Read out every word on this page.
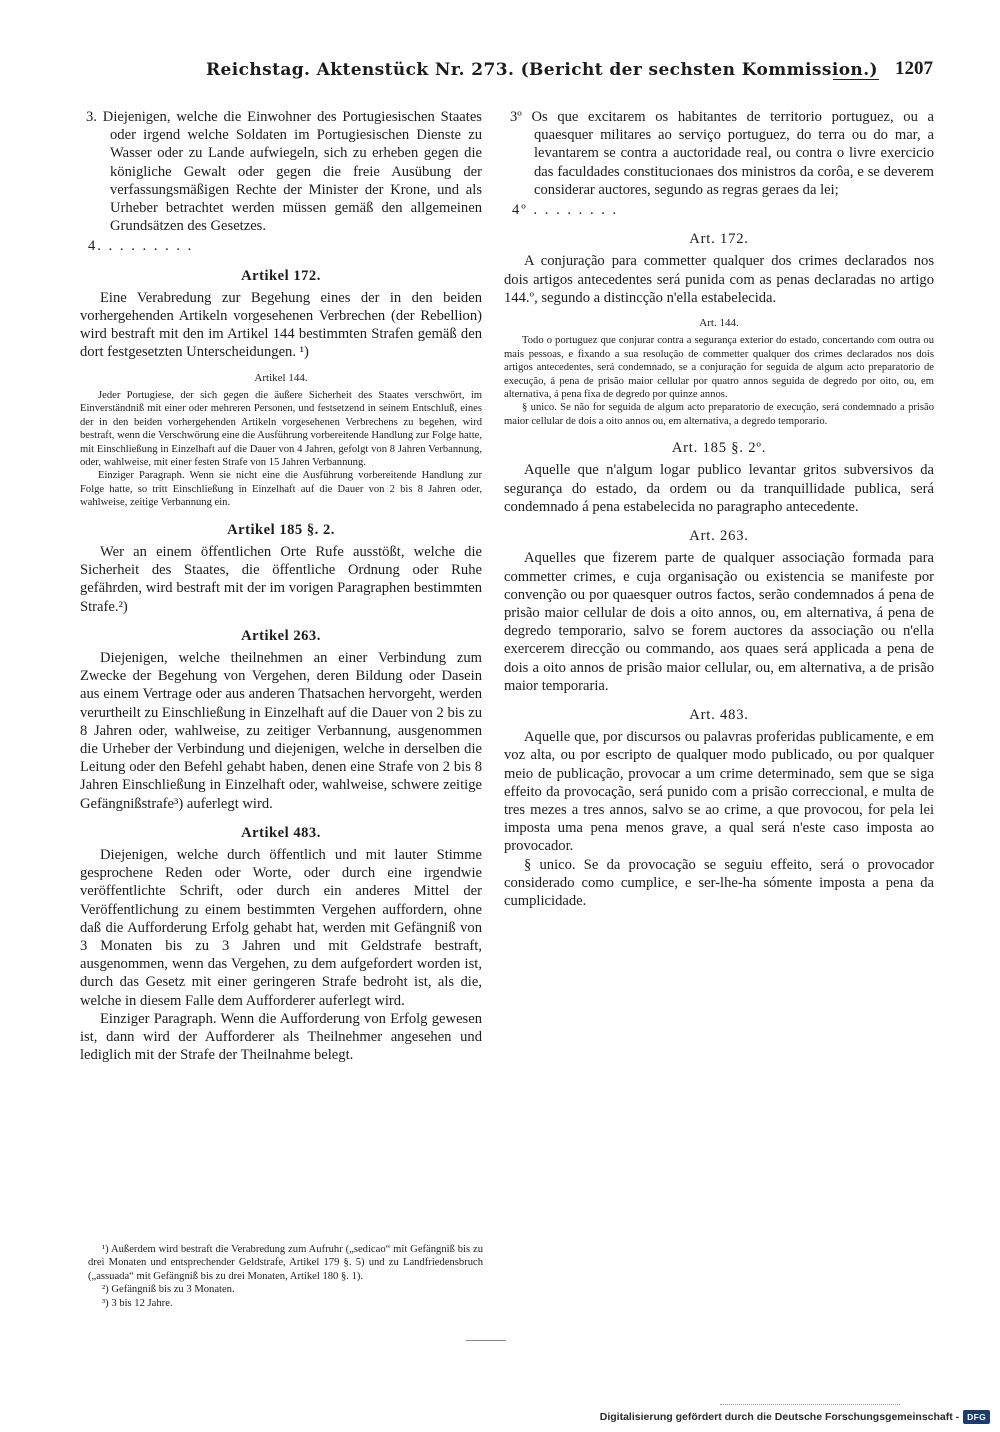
Reichstag. Aktenstück Nr. 273. (Bericht der sechsten Kommission.) 1207

3. Diejenigen, welche die Einwohner des Portugiesischen Staates oder irgend welche Soldaten im Portugiesischen Dienste zu Wasser oder zu Lande aufwiegeln, sich zu erheben gegen die königliche Gewalt oder gegen die freie Ausübung der verfassungsmäßigen Rechte der Minister der Krone, und als Urheber betrachtet werden müssen gemäß den allgemeinen Grundsätzen des Gesetzes.

4. . . . . . . . .

Artikel 172.

Eine Verabredung zur Begehung eines der in den beiden vorhergehenden Artikeln vorgesehenen Verbrechen (der Rebellion) wird bestraft mit den im Artikel 144 bestimmten Strafen gemäß den dort festgesetzten Unterscheidungen. ¹)

Artikel 144.

Jeder Portugiese, der sich gegen die äußere Sicherheit des Staates verschwört, im Einverständniß mit einer oder mehreren Personen, und festsetzend in seinem Entschluß, eines der in den beiden vorhergehenden Artikeln vorgesehenen Verbrechens zu begehen, wird bestraft, wenn die Verschwörung eine die Ausführung vorbereitende Handlung zur Folge hatte, mit Einschließung in Einzelhaft auf die Dauer von 4 Jahren, gefolgt von 8 Jahren Verbannung, oder, wahlweise, mit einer festen Strafe von 15 Jahren Verbannung.

Einziger Paragraph. Wenn sie nicht eine die Ausführung vorbereitende Handlung zur Folge hatte, so tritt Einschließung in Einzelhaft auf die Dauer von 2 bis 8 Jahren oder, wahlweise, zeitige Verbannung ein.

Artikel 185 §. 2.

Wer an einem öffentlichen Orte Rufe ausstößt, welche die Sicherheit des Staates, die öffentliche Ordnung oder Ruhe gefährden, wird bestraft mit der im vorigen Paragraphen bestimmten Strafe.²)

Artikel 263.

Diejenigen, welche theilnehmen an einer Verbindung zum Zwecke der Begehung von Vergehen, deren Bildung oder Dasein aus einem Vertrage oder aus anderen Thatsachen hervorgeht, werden verurtheilt zu Einschließung in Einzelhaft auf die Dauer von 2 bis zu 8 Jahren oder, wahlweise, zu zeitiger Verbannung, ausgenommen die Urheber der Verbindung und diejenigen, welche in derselben die Leitung oder den Befehl gehabt haben, denen eine Strafe von 2 bis 8 Jahren Einschließung in Einzelhaft oder, wahlweise, schwere zeitige Gefängnißstrafe³) auferlegt wird.

Artikel 483.

Diejenigen, welche durch öffentlich und mit lauter Stimme gesprochene Reden oder Worte, oder durch eine irgendwie veröffentlichte Schrift, oder durch ein anderes Mittel der Veröffentlichung zu einem bestimmten Vergehen auffordern, ohne daß die Aufforderung Erfolg gehabt hat, werden mit Gefängniß von 3 Monaten bis zu 3 Jahren und mit Geldstrafe bestraft, ausgenommen, wenn das Vergehen, zu dem aufgefordert worden ist, durch das Gesetz mit einer geringeren Strafe bedroht ist, als die, welche in diesem Falle dem Aufforderer auferlegt wird.

Einziger Paragraph. Wenn die Aufforderung von Erfolg gewesen ist, dann wird der Aufforderer als Theilnehmer angesehen und lediglich mit der Strafe der Theilnahme belegt.

3º Os que excitarem os habitantes de territorio portuguez, ou a quaesquer militares ao serviço portuguez, do terra ou do mar, a levantarem se contra a auctoridade real, ou contra o livre exercicio das faculdades constitucionaes dos ministros da corôa, e se deverem considerar auctores, segundo as regras geraes da lei;

4º . . . . . . . .

Art. 172.

A conjuração para commetter qualquer dos crimes declarados nos dois artigos antecedentes será punida com as penas declaradas no artigo 144.º, segundo a distincção n'ella estabelecida.

Art. 144.

Todo o portuguez que conjurar contra a segurança exterior do estado, concertando com outra ou mais pessoas, e fixando a sua resolução de commetter qualquer dos crimes declarados nos dois artigos antecedentes, será condemnado, se a conjuração for seguida de algum acto preparatorio de execução, á pena de prisão maior cellular por quatro annos seguida de degredo por oito, ou, em alternativa, á pena fixa de degredo por quinze annos.

§ unico. Se não for seguida de algum acto preparatorio de execução, será condemnado a prisão maior cellular de dois a oito annos ou, em alternativa, a degredo temporario.

Art. 185 §. 2º.

Aquelle que n'algum logar publico levantar gritos subversivos da segurança do estado, da ordem ou da tranquillidade publica, será condemnado á pena estabelecida no paragrapho antecedente.

Art. 263.

Aquelles que fizerem parte de qualquer associação formada para commetter crimes, e cuja organisação ou existencia se manifeste por convenção ou por quaesquer outros factos, serão condemnados á pena de prisão maior cellular de dois a oito annos, ou, em alternativa, á pena de degredo temporario, salvo se forem auctores da associação ou n'ella exercerem direcção ou commando, aos quaes será applicada a pena de dois a oito annos de prisão maior cellular, ou, em alternativa, a de prisão maior temporaria.

Art. 483.

Aquelle que, por discursos ou palavras proferidas publicamente, e em voz alta, ou por escripto de qualquer modo publicado, ou por qualquer meio de publicação, provocar a um crime determinado, sem que se siga effeito da provocação, será punido com a prisão correccional, e multa de tres mezes a tres annos, salvo se ao crime, a que provocou, for pela lei imposta uma pena menos grave, a qual será n'este caso imposta ao provocador.

§ unico. Se da provocação se seguiu effeito, será o provocador considerado como cumplice, e ser-lhe-ha sómente imposta a pena da cumplicidade.

¹) Außerdem wird bestraft die Verabredung zum Aufruhr („sedicao“ mit Gefängniß bis zu drei Monaten und entsprechender Geldstrafe, Artikel 179 §. 5) und zu Landfriedensbruch („assuada“ mit Gefängniß bis zu drei Monaten, Artikel 180 §. 1).

²) Gefängniß bis zu 3 Monaten.

³) 3 bis 12 Jahre.

Digitalisierung gefördert durch die Deutsche Forschungsgemeinschaft - DFG
